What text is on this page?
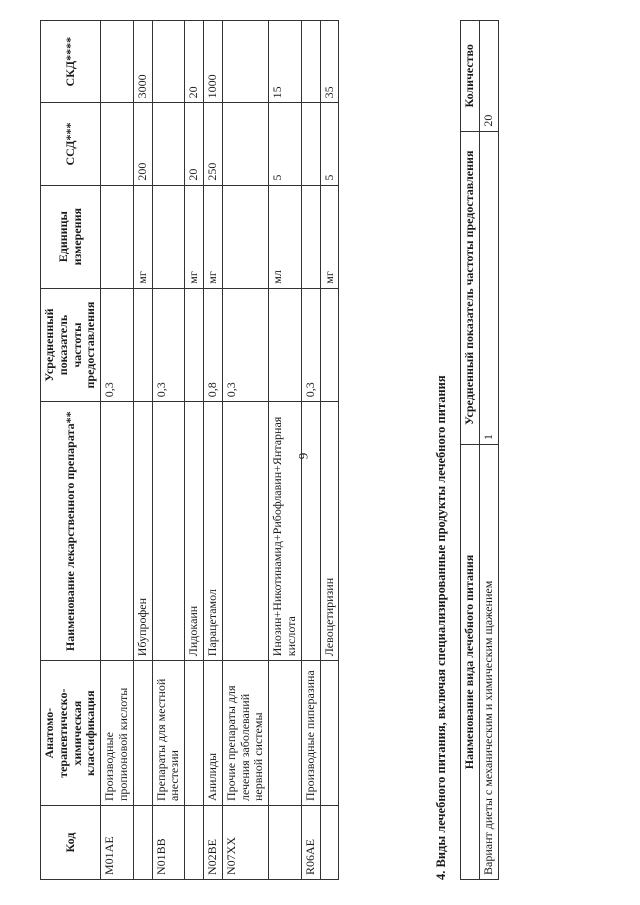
9
Код	Анатомо-терапевтическо-химическая классификация	Наименование лекарственного препарата**	Усредненный показатель частоты предоставления	Единицы измерения	ССД***	СКД****
M01AE	Производные пропионовой кислоты		0,3			
		Ибупрофен		мг	200	3000
N01BB	Препараты для местной анестезии		0,3			
		Лидокаин		мг	20	20
N02BE	Анилиды	Парацетамол	0,8	мг	250	1000
N07XX	Прочие препараты для лечения заболеваний нервной системы		0,3			
		Инозин+Никотинамид+Рибофлавин+Янтарная кислота		мл	5	15
R06AE	Производные пиперазина		0,3			
		Левоцетиризин		мг	5	35
4. Виды лечебного питания, включая специализированные продукты лечебного питания Наименование вида лечебного питания	Усредненный показатель частоты предоставления	Количество
Вариант диеты с механическим и химическим щажением	1	20
